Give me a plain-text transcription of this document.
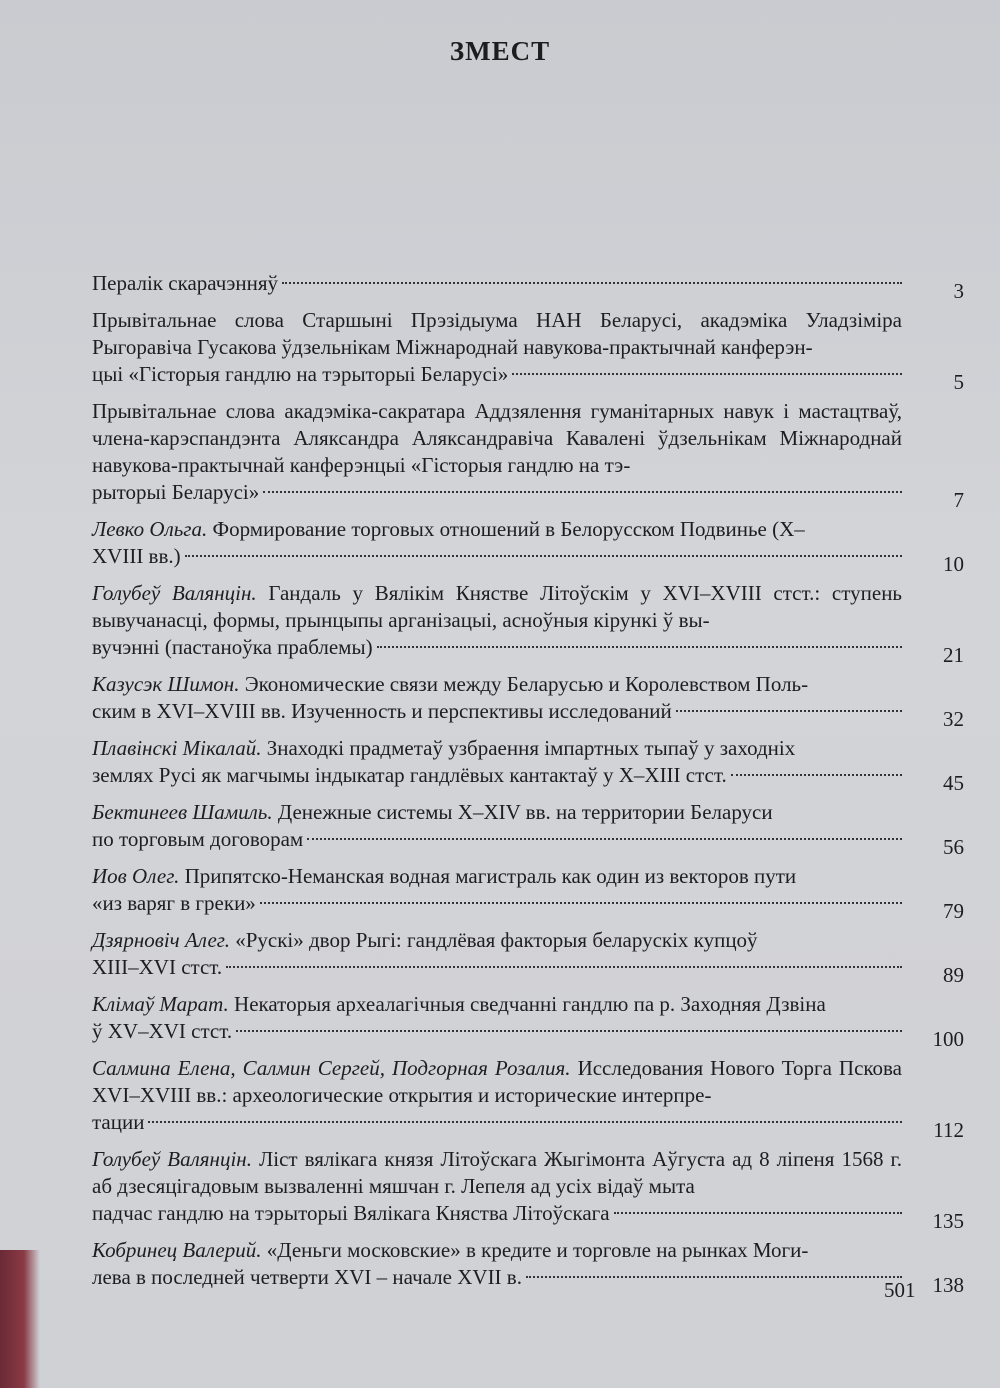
ЗМЕСТ
Пералік скарачэнняў	3
Прывітальнае слова Старшыні Прэзідыума НАН Беларусі, акадэміка Уладзіміра Рыгоравіча Гусакова ўдзельнікам Міжнароднай навукова-практычнай канферэн-
цыі «Гісторыя гандлю на тэрыторыі Беларусі»	5
Прывітальнае слова акадэміка-сакратара Аддзялення гуманітарных навук і мастацтваў, члена-карэспандэнта Аляксандра Аляксандравіча Кавалені ўдзельнікам Міжнароднай навукова-практычнай канферэнцыі «Гісторыя гандлю на тэ-
рыторыі Беларусі»	7
Левко Ольга. Формирование торговых отношений в Белорусском Подвинье (X–
XVIII вв.)	10
Голубеў Валянцін. Гандаль у Вялікім Княстве Літоўскім у XVI–XVIII стст.: ступень вывучанасці, формы, прынцыпы арганізацыі, асноўныя кірункі ў вы-
вучэнні (пастаноўка праблемы)	21
Казусэк Шимон. Экономические связи между Беларусью и Королевством Поль-
ским в XVI–XVIII вв. Изученность и перспективы исследований	32
Плавінскі Мікалай. Знаходкі прадметаў узбраення імпартных тыпаў у заходніх
землях Русі як магчымы індыкатар гандлёвых кантактаў у X–XIII стст.	45
Бектинеев Шамиль. Денежные системы X–XIV вв. на территории Беларуси
по торговым договорам	56
Иов Олег. Припятско-Неманская водная магистраль как один из векторов пути
«из варяг в греки»	79
Дзярновіч Алег. «Рускі» двор Рыгі: гандлёвая факторыя беларускіх купцоў
XIII–XVI стст.	89
Клімаў Марат. Некаторыя археалагічныя сведчанні гандлю па р. Заходняя Дзвіна
ў XV–XVI стст.	100
Салмина Елена, Салмин Сергей, Подгорная Розалия. Исследования Нового Торга Пскова XVI–XVIII вв.: археологические открытия и исторические интерпре-
тации	112
Голубеў Валянцін. Ліст вялікага князя Літоўскага Жыгімонта Аўгуста ад 8 ліпеня 1568 г. аб дзесяцігадовым вызваленні мяшчан г. Лепеля ад усіх відаў мыта
падчас гандлю на тэрыторыі Вялікага Княства Літоўскага	135
Кобринец Валерий. «Деньги московские» в кредите и торговле на рынках Моги-
лева в последней четверти XVI – начале XVII в.	138
501
